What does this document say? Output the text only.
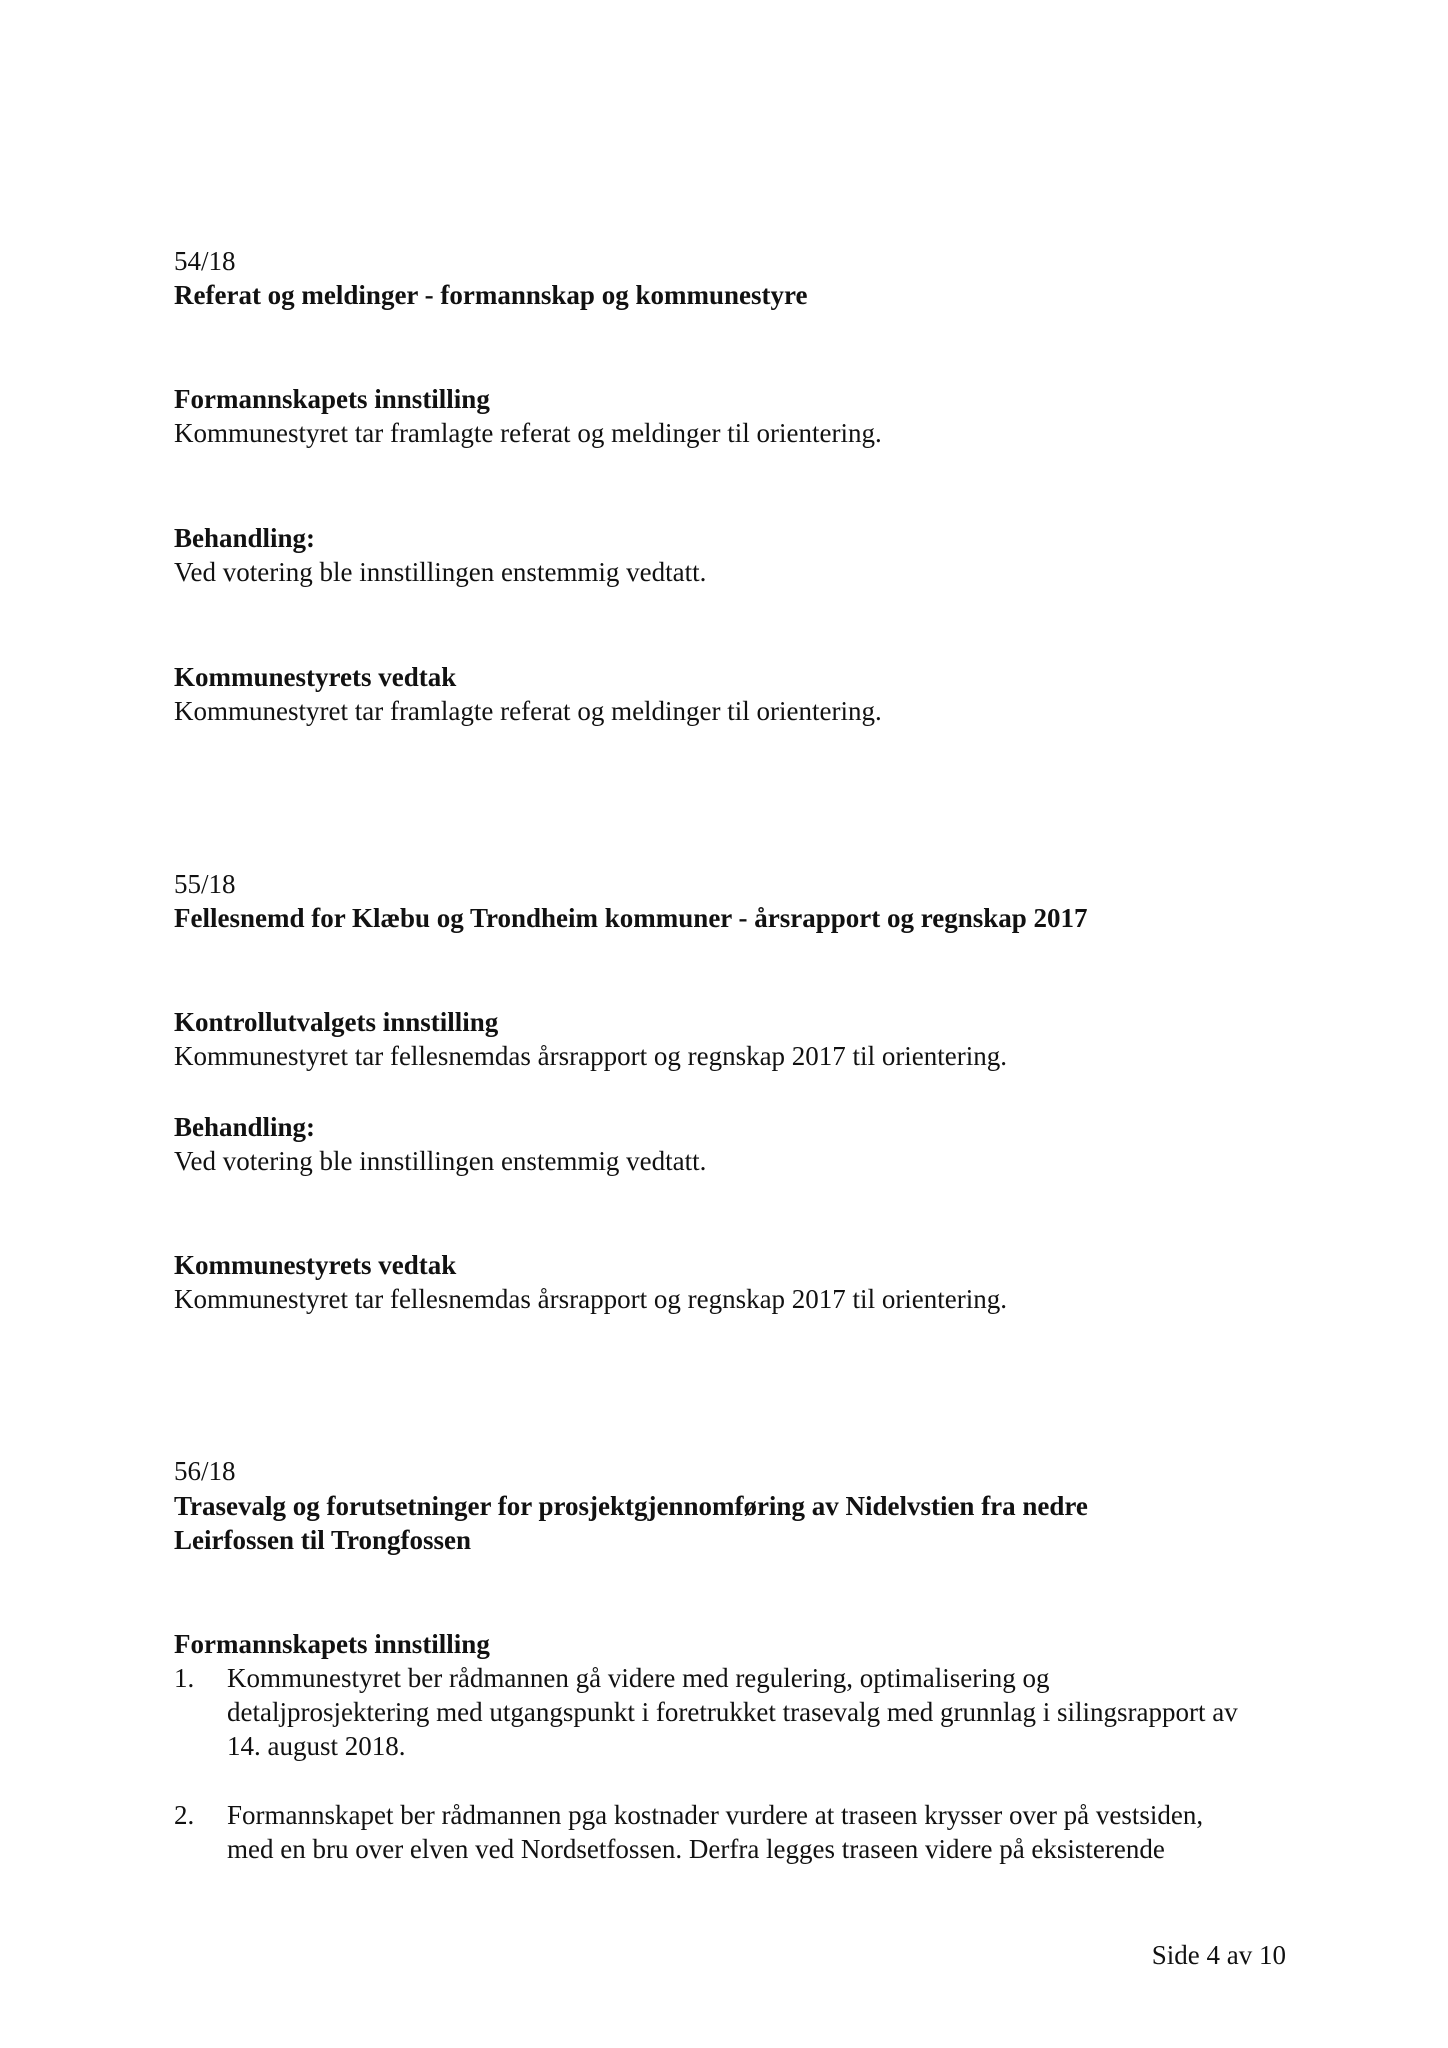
54/18
Referat og meldinger - formannskap og kommunestyre
Formannskapets innstilling
Kommunestyret tar framlagte referat og meldinger til orientering.
Behandling:
Ved votering ble innstillingen enstemmig vedtatt.
Kommunestyrets vedtak
Kommunestyret tar framlagte referat og meldinger til orientering.
55/18
Fellesnemd for Klæbu og Trondheim kommuner - årsrapport og regnskap 2017
Kontrollutvalgets innstilling
Kommunestyret tar fellesnemdas årsrapport og regnskap 2017 til orientering.
Behandling:
Ved votering ble innstillingen enstemmig vedtatt.
Kommunestyrets vedtak
Kommunestyret tar fellesnemdas årsrapport og regnskap 2017 til orientering.
56/18
Trasevalg og forutsetninger for prosjektgjennomføring av Nidelvstien fra nedre
Leirfossen til Trongfossen
Formannskapets innstilling
1. Kommunestyret ber rådmannen gå videre med regulering, optimalisering og
detaljprosjektering med utgangspunkt i foretrukket trasevalg med grunnlag i silingsrapport av
14. august 2018.
2. Formannskapet ber rådmannen pga kostnader vurdere at traseen krysser over på vestsiden,
med en bru over elven ved Nordsetfossen. Derfra legges traseen videre på eksisterende
Side 4 av 10
